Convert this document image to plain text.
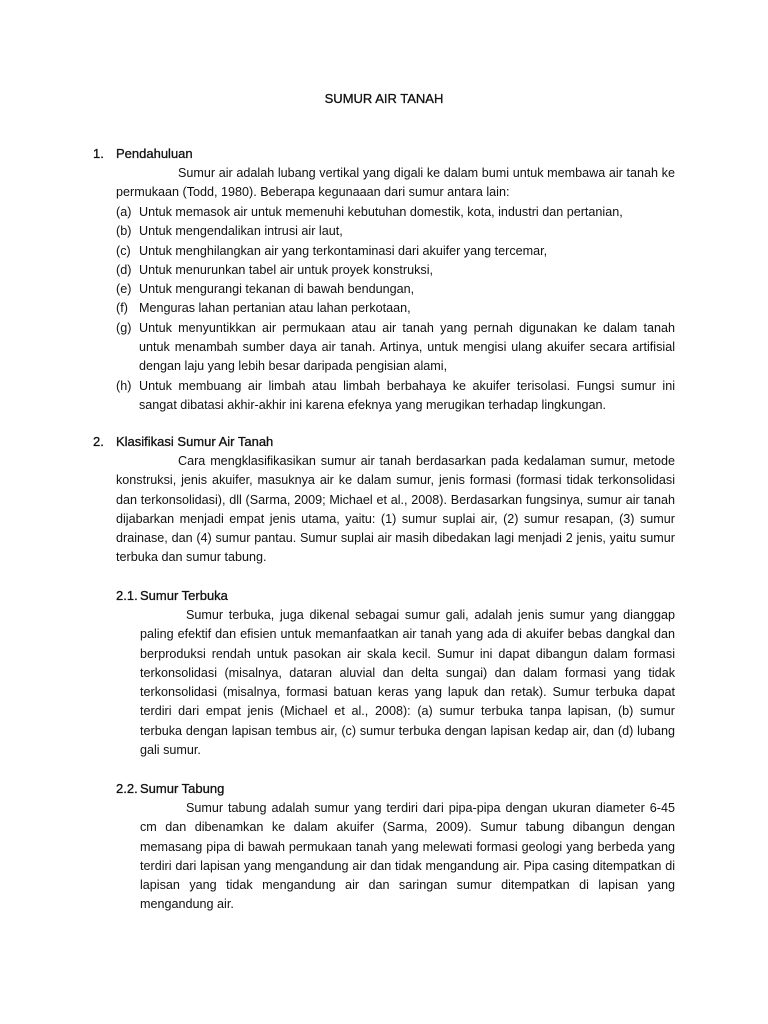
SUMUR AIR TANAH
1. Pendahuluan

Sumur air adalah lubang vertikal yang digali ke dalam bumi untuk membawa air tanah ke permukaan (Todd, 1980). Beberapa kegunaaan dari sumur antara lain:

(a) Untuk memasok air untuk memenuhi kebutuhan domestik, kota, industri dan pertanian,
(b) Untuk mengendalikan intrusi air laut,
(c) Untuk menghilangkan air yang terkontaminasi dari akuifer yang tercemar,
(d) Untuk menurunkan tabel air untuk proyek konstruksi,
(e) Untuk mengurangi tekanan di bawah bendungan,
(f) Menguras lahan pertanian atau lahan perkotaan,
(g) Untuk menyuntikkan air permukaan atau air tanah yang pernah digunakan ke dalam tanah untuk menambah sumber daya air tanah. Artinya, untuk mengisi ulang akuifer secara artifisial dengan laju yang lebih besar daripada pengisian alami,
(h) Untuk membuang air limbah atau limbah berbahaya ke akuifer terisolasi. Fungsi sumur ini sangat dibatasi akhir-akhir ini karena efeknya yang merugikan terhadap lingkungan.
2. Klasifikasi Sumur Air Tanah

Cara mengklasifikasikan sumur air tanah berdasarkan pada kedalaman sumur, metode konstruksi, jenis akuifer, masuknya air ke dalam sumur, jenis formasi (formasi tidak terkonsolidasi dan terkonsolidasi), dll (Sarma, 2009; Michael et al., 2008). Berdasarkan fungsinya, sumur air tanah dijabarkan menjadi empat jenis utama, yaitu: (1) sumur suplai air, (2) sumur resapan, (3) sumur drainase, dan (4) sumur pantau. Sumur suplai air masih dibedakan lagi menjadi 2 jenis, yaitu sumur terbuka dan sumur tabung.

2.1. Sumur Terbuka

Sumur terbuka, juga dikenal sebagai sumur gali, adalah jenis sumur yang dianggap paling efektif dan efisien untuk memanfaatkan air tanah yang ada di akuifer bebas dangkal dan berproduksi rendah untuk pasokan air skala kecil. Sumur ini dapat dibangun dalam formasi terkonsolidasi (misalnya, dataran aluvial dan delta sungai) dan dalam formasi yang tidak terkonsolidasi (misalnya, formasi batuan keras yang lapuk dan retak). Sumur terbuka dapat terdiri dari empat jenis (Michael et al., 2008): (a) sumur terbuka tanpa lapisan, (b) sumur terbuka dengan lapisan tembus air, (c) sumur terbuka dengan lapisan kedap air, dan (d) lubang gali sumur.

2.2. Sumur Tabung

Sumur tabung adalah sumur yang terdiri dari pipa-pipa dengan ukuran diameter 6-45 cm dan dibenamkan ke dalam akuifer (Sarma, 2009). Sumur tabung dibangun dengan memasang pipa di bawah permukaan tanah yang melewati formasi geologi yang berbeda yang terdiri dari lapisan yang mengandung air dan tidak mengandung air. Pipa casing ditempatkan di lapisan yang tidak mengandung air dan saringan sumur ditempatkan di lapisan yang mengandung air.
